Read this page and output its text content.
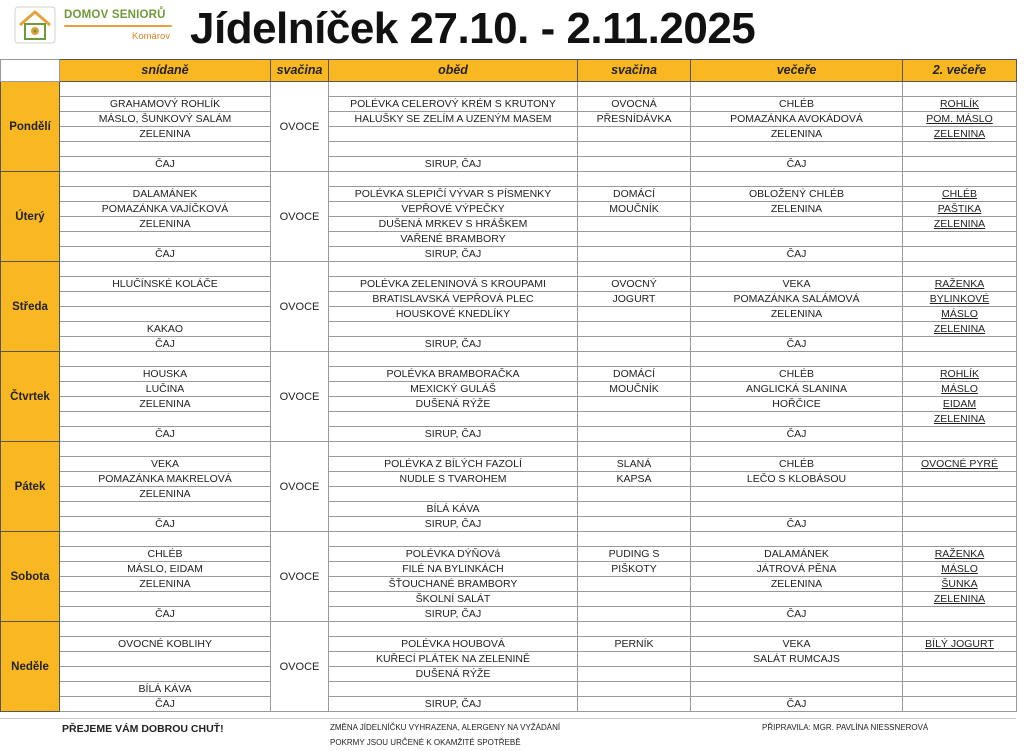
DOMOV SENIORŮ
Komárov Jídelníček 27.10. - 2.11.2025
	snídaně	svačina	oběd	svačina	večeře	2. večeře
Pondělí		OVOCE				
	GRAHAMOVÝ ROHLÍK		POLÉVKA CELEROVÝ KRÉM S KRUTONY	OVOCNÁ	CHLÉB	ROHLÍK
	MÁSLO, ŠUNKOVÝ SALÁM		HALUŠKY SE ZELÍM A UZENÝM MASEM	PŘESNÍDÁVKA	POMAZÁNKA AVOKÁDOVÁ	POM. MÁSLO
	ZELENINA				ZELENINA	ZELENINA

	ČAJ		SIRUP, ČAJ		ČAJ	
Úterý		OVOCE				
	DALAMÁNEK		POLÉVKA SLEPIČÍ VÝVAR S PÍSMENKY	DOMÁCÍ	OBLOŽENÝ CHLÉB	CHLÉB
	POMAZÁNKA VAJÍČKOVÁ		VEPŘOVÉ VÝPEČKY	MOUČNÍK	ZELENINA	PAŠTIKA
	ZELENINA		DUŠENÁ MRKEV S HRÁŠKEM			ZELENINA
			VAŘENÉ BRAMBORY			
	ČAJ		SIRUP, ČAJ		ČAJ	
Středa		OVOCE				
	HLUČÍNSKÉ KOLÁČE		POLÉVKA ZELENINOVÁ S KROUPAMI	OVOCNÝ	VEKA	RAŽENKA
			BRATISLAVSKÁ VEPŘOVÁ PLEC	JOGURT	POMAZÁNKA SALÁMOVÁ	BYLINKOVÉ
			HOUSKOVÉ KNEDLÍKY		ZELENINA	MÁSLO
	KAKAO					ZELENINA
	ČAJ		SIRUP, ČAJ		ČAJ	
Čtvrtek		OVOCE				
	HOUSKA		POLÉVKA BRAMBORAČKA	DOMÁCÍ	CHLÉB	ROHLÍK
	LUČINA		MEXICKÝ GULÁŠ	MOUČNÍK	ANGLICKÁ SLANINA	MÁSLO
	ZELENINA		DUŠENÁ RÝŽE		HOŘČICE	EIDAM
						ZELENINA
	ČAJ		SIRUP, ČAJ		ČAJ	
Pátek		OVOCE				
	VEKA		POLÉVKA Z BÍLÝCH FAZOLÍ	SLANÁ	CHLÉB	OVOCNÉ PYRÉ
	POMAZÁNKA MAKRELOVÁ		NUDLE S TVAROHEM	KAPSA	LEČO S KLOBÁSOU	
	ZELENINA					
			BÍLÁ KÁVA			
	ČAJ		SIRUP, ČAJ		ČAJ	
Sobota		OVOCE				
	CHLÉB		POLÉVKA DÝŇOVá	PUDING S	DALAMÁNEK	RAŽENKA
	MÁSLO, EIDAM		FILÉ NA BYLINKÁCH	PIŠKOTY	JÁTROVÁ PĚNA	MÁSLO
	ZELENINA		ŠŤOUCHANÉ BRAMBORY		ZELENINA	ŠUNKA
			ŠKOLNÍ SALÁT			ZELENINA
	ČAJ		SIRUP, ČAJ		ČAJ	
Neděle		OVOCE				
	OVOCNÉ KOBLIHY		POLÉVKA HOUBOVÁ	PERNÍK	VEKA	BÍLÝ JOGURT
			KUŘECÍ PLÁTEK NA ZELENINĚ		SALÁT RUMCAJS	
			DUŠENÁ RÝŽE			
	BÍLÁ KÁVA					
	ČAJ		SIRUP, ČAJ		ČAJ	
PŘEJEME VÁM DOBROU CHUŤ!	ZMĚNA JÍDELNÍČKU VYHRAZENA, ALERGENY NA VYŽÁDÁNÍ
POKRMY JSOU URČENÉ K OKAMŽITÉ SPOTŘEBĚ
PŘIPRAVILA: MGR. PAVLÍNA NIESSNEROVÁ
